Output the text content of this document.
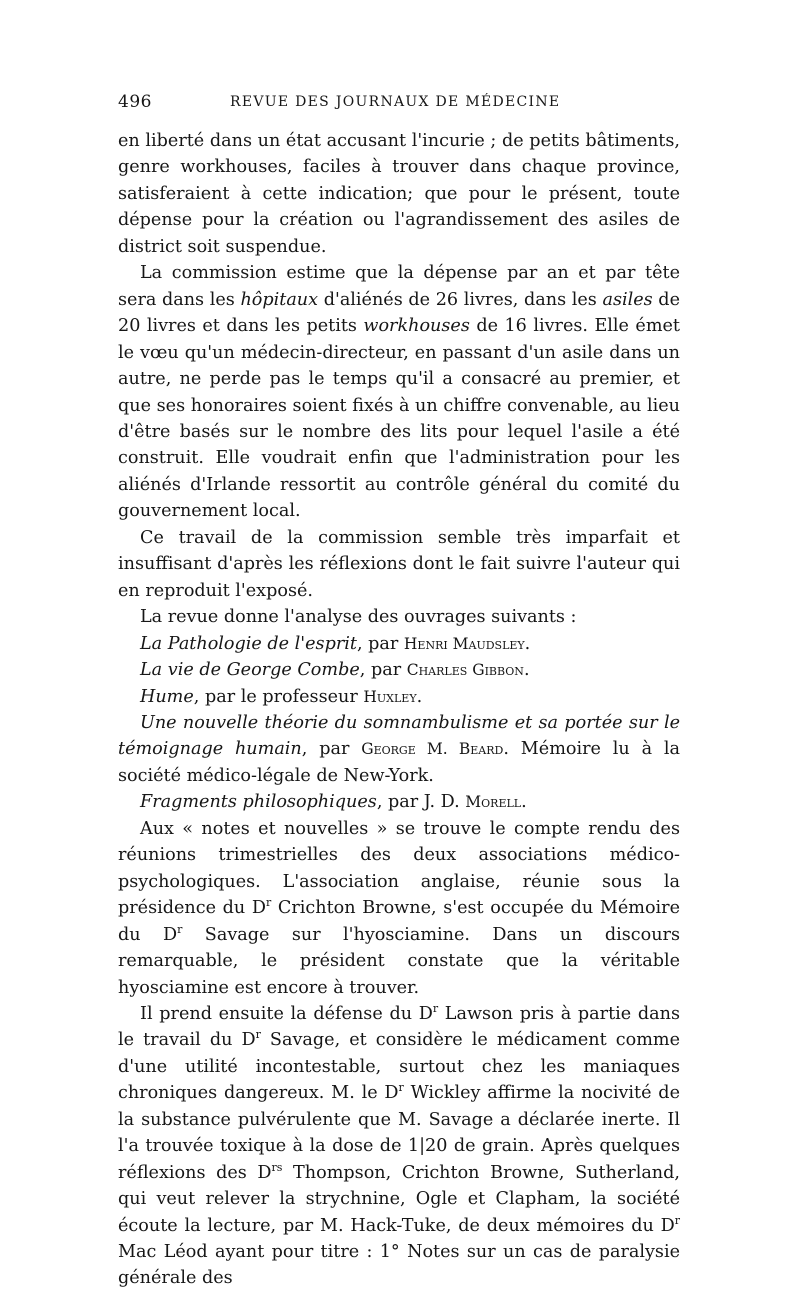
496	REVUE DES JOURNAUX DE MÉDECINE

en liberté dans un état accusant l'incurie ; de petits bâtiments, genre workhouses, faciles à trouver dans chaque province, satisferaient à cette indication; que pour le présent, toute dépense pour la création ou l'agrandissement des asiles de district soit suspendue.

La commission estime que la dépense par an et par tête sera dans les hôpitaux d'aliénés de 26 livres, dans les asiles de 20 livres et dans les petits workhouses de 16 livres. Elle émet le vœu qu'un médecin-directeur, en passant d'un asile dans un autre, ne perde pas le temps qu'il a consacré au premier, et que ses honoraires soient fixés à un chiffre convenable, au lieu d'être basés sur le nombre des lits pour lequel l'asile a été construit. Elle voudrait enfin que l'administration pour les aliénés d'Irlande ressortit au contrôle général du comité du gouvernement local.

Ce travail de la commission semble très imparfait et insuffisant d'après les réflexions dont le fait suivre l'auteur qui en reproduit l'exposé.

La revue donne l'analyse des ouvrages suivants :

La Pathologie de l'esprit, par Henri Maudsley.

La vie de George Combe, par Charles Gibbon.

Hume, par le professeur Huxley.

Une nouvelle théorie du somnambulisme et sa portée sur le témoignage humain, par George M. Beard. Mémoire lu à la société médico-légale de New-York.

Fragments philosophiques, par J. D. Morell.

Aux « notes et nouvelles » se trouve le compte rendu des réunions trimestrielles des deux associations médico-psychologiques. L'association anglaise, réunie sous la présidence du $D^r$ Crichton Browne, s'est occupée du Mémoire du $D^r$ Savage sur l'hyosciamine. Dans un discours remarquable, le président constate que la véritable hyosciamine est encore à trouver.

Il prend ensuite la défense du $D^r$ Lawson pris à partie dans le travail du $D^r$ Savage, et considère le médicament comme d'une utilité incontestable, surtout chez les maniaques chroniques dangereux. M. le $D^r$ Wickley affirme la nocivité de la substance pulvérulente que M. Savage a déclarée inerte. Il l'a trouvée toxique à la dose de 1|20 de grain. Après quelques réflexions des $D^{rs}$ Thompson, Crichton Browne, Sutherland, qui veut relever la strychnine, Ogle et Clapham, la société écoute la lecture, par M. Hack-Tuke, de deux mémoires du $D^r$ Mac Léod ayant pour titre : 1° Notes sur un cas de paralysie générale des
